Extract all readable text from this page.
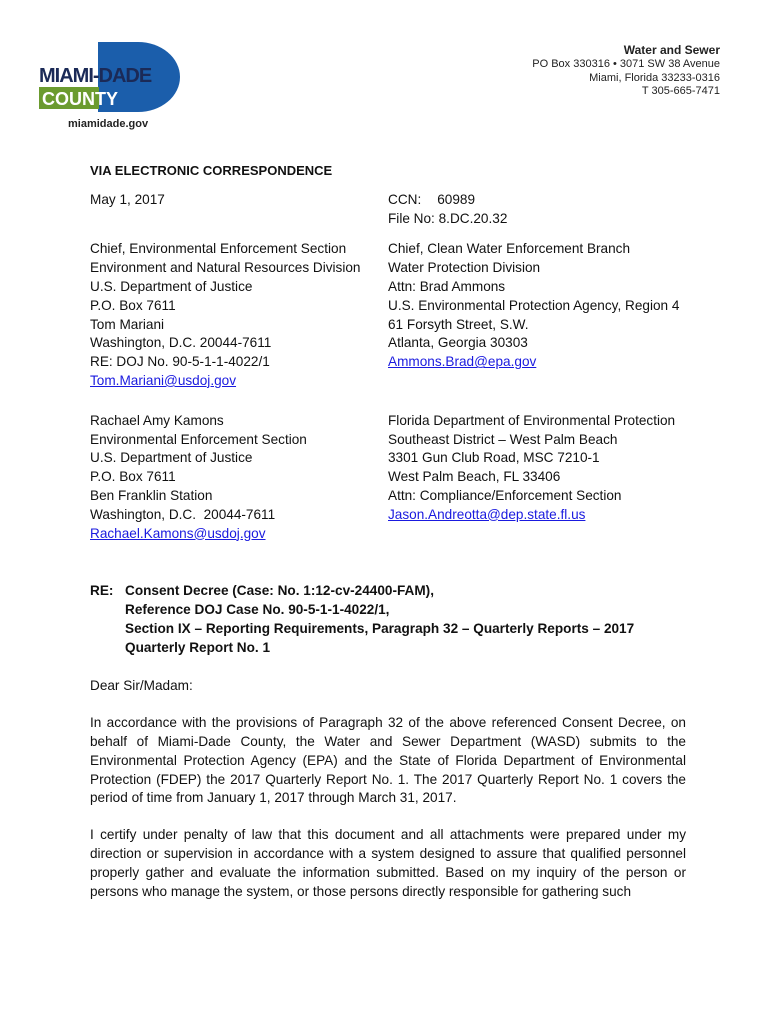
MIAMI-DADE
COUNTY
miamidade.gov
Water and Sewer
PO Box 330316 • 3071 SW 38 Avenue
Miami, Florida 33233-0316
T 305-665-7471
VIA ELECTRONIC CORRESPONDENCE
May 1, 2017	CCN: 60989
File No: 8.DC.20.32
Chief, Environmental Enforcement Section
Environment and Natural Resources Division
U.S. Department of Justice
P.O. Box 7611
Tom Mariani
Washington, D.C. 20044-7611
RE: DOJ No. 90-5-1-1-4022/1
Tom.Mariani@usdoj.gov
Chief, Clean Water Enforcement Branch
Water Protection Division
Attn: Brad Ammons
U.S. Environmental Protection Agency, Region 4
61 Forsyth Street, S.W.
Atlanta, Georgia 30303
Ammons.Brad@epa.gov
Rachael Amy Kamons
Environmental Enforcement Section
U.S. Department of Justice
P.O. Box 7611
Ben Franklin Station
Washington, D.C.  20044-7611
Rachael.Kamons@usdoj.gov
Florida Department of Environmental Protection
Southeast District – West Palm Beach
3301 Gun Club Road, MSC 7210-1
West Palm Beach, FL 33406
Attn: Compliance/Enforcement Section
Jason.Andreotta@dep.state.fl.us
RE: Consent Decree (Case: No. 1:12-cv-24400-FAM),
Reference DOJ Case No. 90-5-1-1-4022/1,
Section IX – Reporting Requirements, Paragraph 32 – Quarterly Reports – 2017
Quarterly Report No. 1
Dear Sir/Madam:

In accordance with the provisions of Paragraph 32 of the above referenced Consent Decree, on behalf of Miami-Dade County, the Water and Sewer Department (WASD) submits to the Environmental Protection Agency (EPA) and the State of Florida Department of Environmental Protection (FDEP) the 2017 Quarterly Report No. 1. The 2017 Quarterly Report No. 1 covers the period of time from January 1, 2017 through March 31, 2017.

I certify under penalty of law that this document and all attachments were prepared under my direction or supervision in accordance with a system designed to assure that qualified personnel properly gather and evaluate the information submitted. Based on my inquiry of the person or persons who manage the system, or those persons directly responsible for gathering such
